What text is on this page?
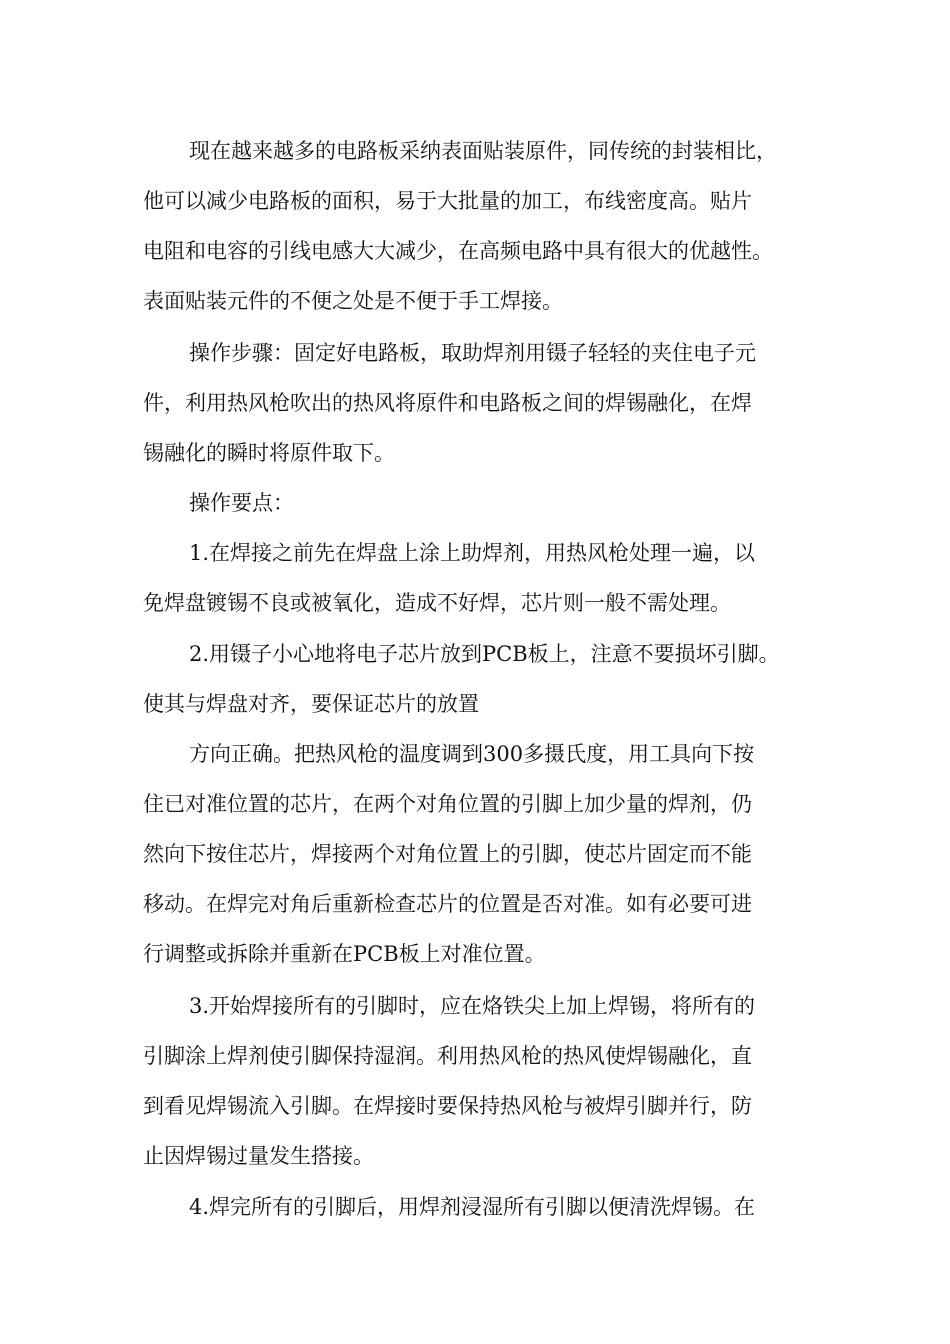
现在越来越多的电路板采纳表面贴装原件，同传统的封装相比，

他可以减少电路板的面积，易于大批量的加工，布线密度高。贴片

电阻和电容的引线电感大大减少，在高频电路中具有很大的优越性。

表面贴装元件的不便之处是不便于手工焊接。

操作步骤：固定好电路板，取助焊剂用镊子轻轻的夹住电子元

件，利用热风枪吹出的热风将原件和电路板之间的焊锡融化，在焊

锡融化的瞬时将原件取下。

操作要点：

1.在焊接之前先在焊盘上涂上助焊剂，用热风枪处理一遍，以

免焊盘镀锡不良或被氧化，造成不好焊，芯片则一般不需处理。

2.用镊子小心地将电子芯片放到PCB板上，注意不要损坏引脚。

使其与焊盘对齐，要保证芯片的放置

方向正确。把热风枪的温度调到300多摄氏度，用工具向下按

住已对准位置的芯片，在两个对角位置的引脚上加少量的焊剂，仍

然向下按住芯片，焊接两个对角位置上的引脚，使芯片固定而不能

移动。在焊完对角后重新检查芯片的位置是否对准。如有必要可进

行调整或拆除并重新在PCB板上对准位置。

3.开始焊接所有的引脚时，应在烙铁尖上加上焊锡，将所有的

引脚涂上焊剂使引脚保持湿润。利用热风枪的热风使焊锡融化，直

到看见焊锡流入引脚。在焊接时要保持热风枪与被焊引脚并行，防

止因焊锡过量发生搭接。

4.焊完所有的引脚后，用焊剂浸湿所有引脚以便清洗焊锡。在
